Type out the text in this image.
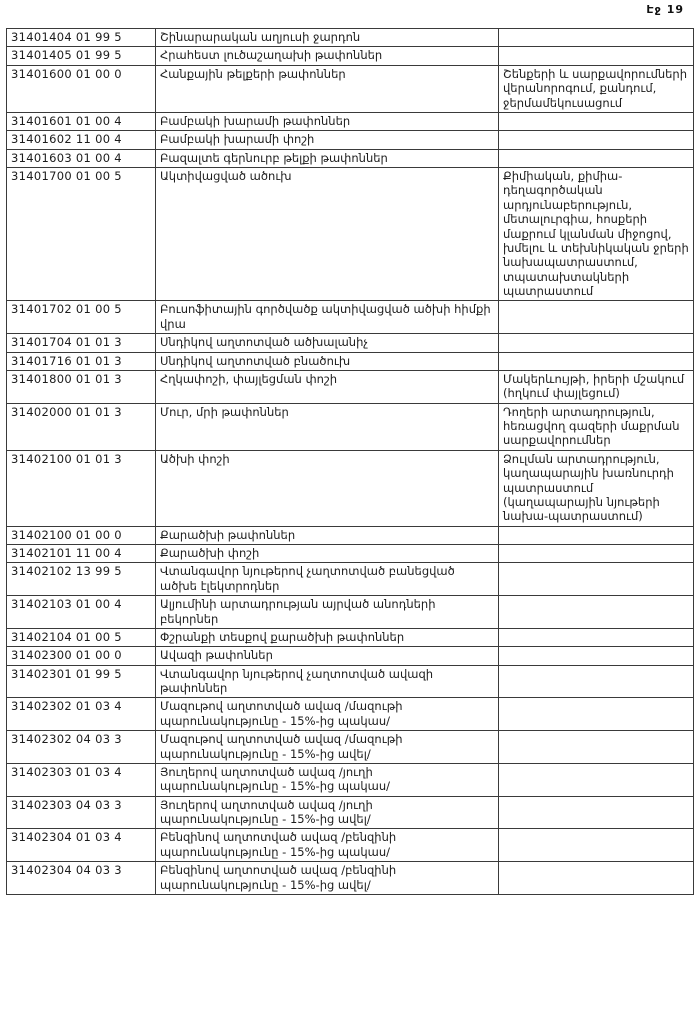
Էջ 19
31401404 01 99 5	Շինարարական աղյուսի ջարդոն	
31401405 01 99 5	Հրահեստ լուծաշաղախի թափոններ	
31401600 01 00 0	Հանքային թելքերի թափոններ	Շենքերի և սարքավորումների վերանորոգում, քանդում, ջերմամեկուսացում
31401601 01 00 4	Բամբակի խարամի թափոններ	
31401602 11 00 4	Բամբակի խարամի փոշի	
31401603 01 00 4	Բազալտե գերնուրբ թելքի թափոններ	
31401700 01 00 5	Ակտիվացված ածուխ	Քիմիական, քիմիա-դեղագործական արդյունաբերություն, մետալուրգիա, հոսքերի մաքրում կլանման միջոցով, խմելու և տեխնիկական ջրերի նախապատրաստում, տպատախտակների պատրաստում
31401702 01 00 5	Բուսոֆիտային գործվածք ակտիվացված ածխի հիմքի վրա	
31401704 01 01 3	Սնդիկով աղտոտված ածխալանիչ	
31401716 01 01 3	Սնդիկով աղտոտված բնածուխ	
31401800 01 01 3	Հղկափոշի, փայլեցման փոշի	Մակերևույթի, իրերի մշակում (հղկում փայլեցում)
31402000 01 01 3	Մուր, մրի թափոններ	Դողերի արտադրություն, հեռացվող գազերի մաքրման սարքավորումներ
31402100 01 01 3	Ածխի փոշի	Ձուլման արտադրություն, կաղապարային խառնուրդի պատրաստում (կաղապարային նյութերի նախա-պատրաստում)
31402100 01 00 0	Քարածխի թափոններ	
31402101 11 00 4	Քարածխի փոշի	
31402102 13 99 5	Վտանգավոր նյութերով չաղտոտված բանեցված ածխե էլեկտրոդներ	
31402103 01 00 4	Ալյումինի արտադրության այրված անոդների բեկորներ	
31402104 01 00 5	Փշրանքի տեսքով քարածխի թափոններ	
31402300 01 00 0	Ավազի թափոններ	
31402301 01 99 5	Վտանգավոր նյութերով չաղտոտված ավազի թափոններ	
31402302 01 03 4	Մազութով աղտոտված ավազ /մազութի պարունակությունը - 15%-ից պակաս/	
31402302 04 03 3	Մազութով աղտոտված ավազ /մազութի պարունակությունը - 15%-ից ավել/	
31402303 01 03 4	Յուղերով աղտոտված ավազ /յուղի պարունակությունը - 15%-ից պակաս/	
31402303 04 03 3	Յուղերով աղտոտված ավազ /յուղի պարունակությունը - 15%-ից ավել/	
31402304 01 03 4	Բենզինով աղտոտված ավազ /բենզինի պարունակությունը - 15%-ից պակաս/	
31402304 04 03 3	Բենզինով աղտոտված ավազ /բենզինի պարունակությունը - 15%-ից ավել/	
